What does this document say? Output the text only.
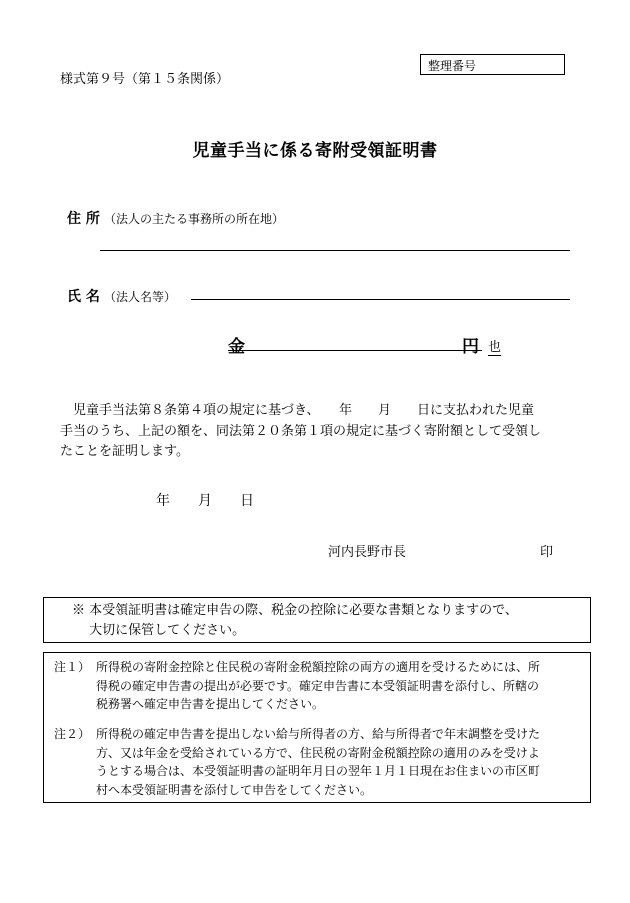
様式第９号（第１５条関係）
整理番号
児童手当に係る寄附受領証明書
住 所 （法人の主たる事務所の所在地）
氏 名 （法人名等）
金	円 也

　児童手当法第８条第４項の規定に基づき、　　年　　月　　日に支払われた児童

手当のうち、上記の額を、同法第２０条第１項の規定に基づく寄附額として受領し

たことを証明します。

年　　月　　日
河内長野市長	印
※ 本受領証明書は確定申告の際、税金の控除に必要な書類となりますので、
　 大切に保管してください。
注１） 所得税の寄附金控除と住民税の寄附金税額控除の両方の適用を受けるためには、所
得税の確定申告書の提出が必要です。確定申告書に本受領証明書を添付し、所轄の
税務署へ確定申告書を提出してください。
注２） 所得税の確定申告書を提出しない給与所得者の方、給与所得者で年末調整を受けた
方、又は年金を受給されている方で、住民税の寄附金税額控除の適用のみを受けよ
うとする場合は、本受領証明書の証明年月日の翌年１月１日現在お住まいの市区町
村へ本受領証明書を添付して申告をしてください。
